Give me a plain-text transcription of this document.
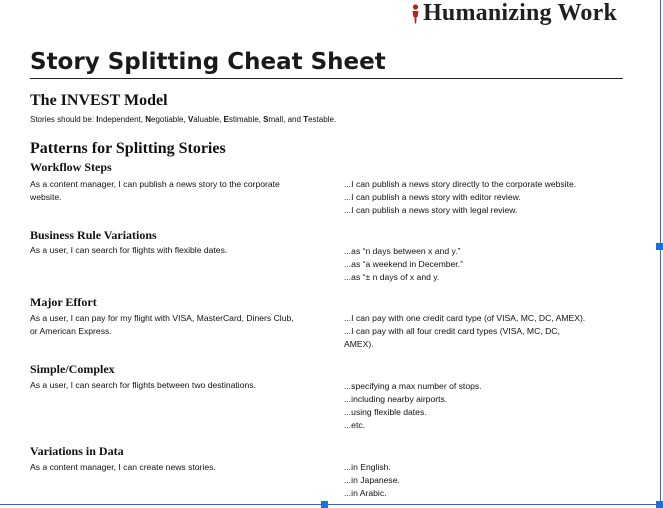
Humanizing Work
Story Splitting Cheat Sheet
The INVEST Model
Stories should be: Independent, Negotiable, Valuable, Estimable, Small, and Testable.
Patterns for Splitting Stories
Workflow Steps
As a content manager, I can publish a news story to the corporate website.
...I can publish a news story directly to the corporate website.
...I can publish a news story with editor review.
...I can publish a news story with legal review.
Business Rule Variations
As a user, I can search for flights with flexible dates.	...as “n days between x and y.”
...as “a weekend in December.”
...as “± n days of x and y.
Major Effort
As a user, I can pay for my flight with VISA, MasterCard, Diners Club, or American Express.
...I can pay with one credit card type (of VISA, MC, DC, AMEX).
...I can pay with all four credit card types (VISA, MC, DC,
AMEX).
Simple/Complex
As a user, I can search for flights between two destinations.	...specifying a max number of stops.
...including nearby airports.
...using flexible dates.
...etc.
Variations in Data
As a content manager, I can create news stories.	...in English.
...in Japanese.
...in Arabic.
